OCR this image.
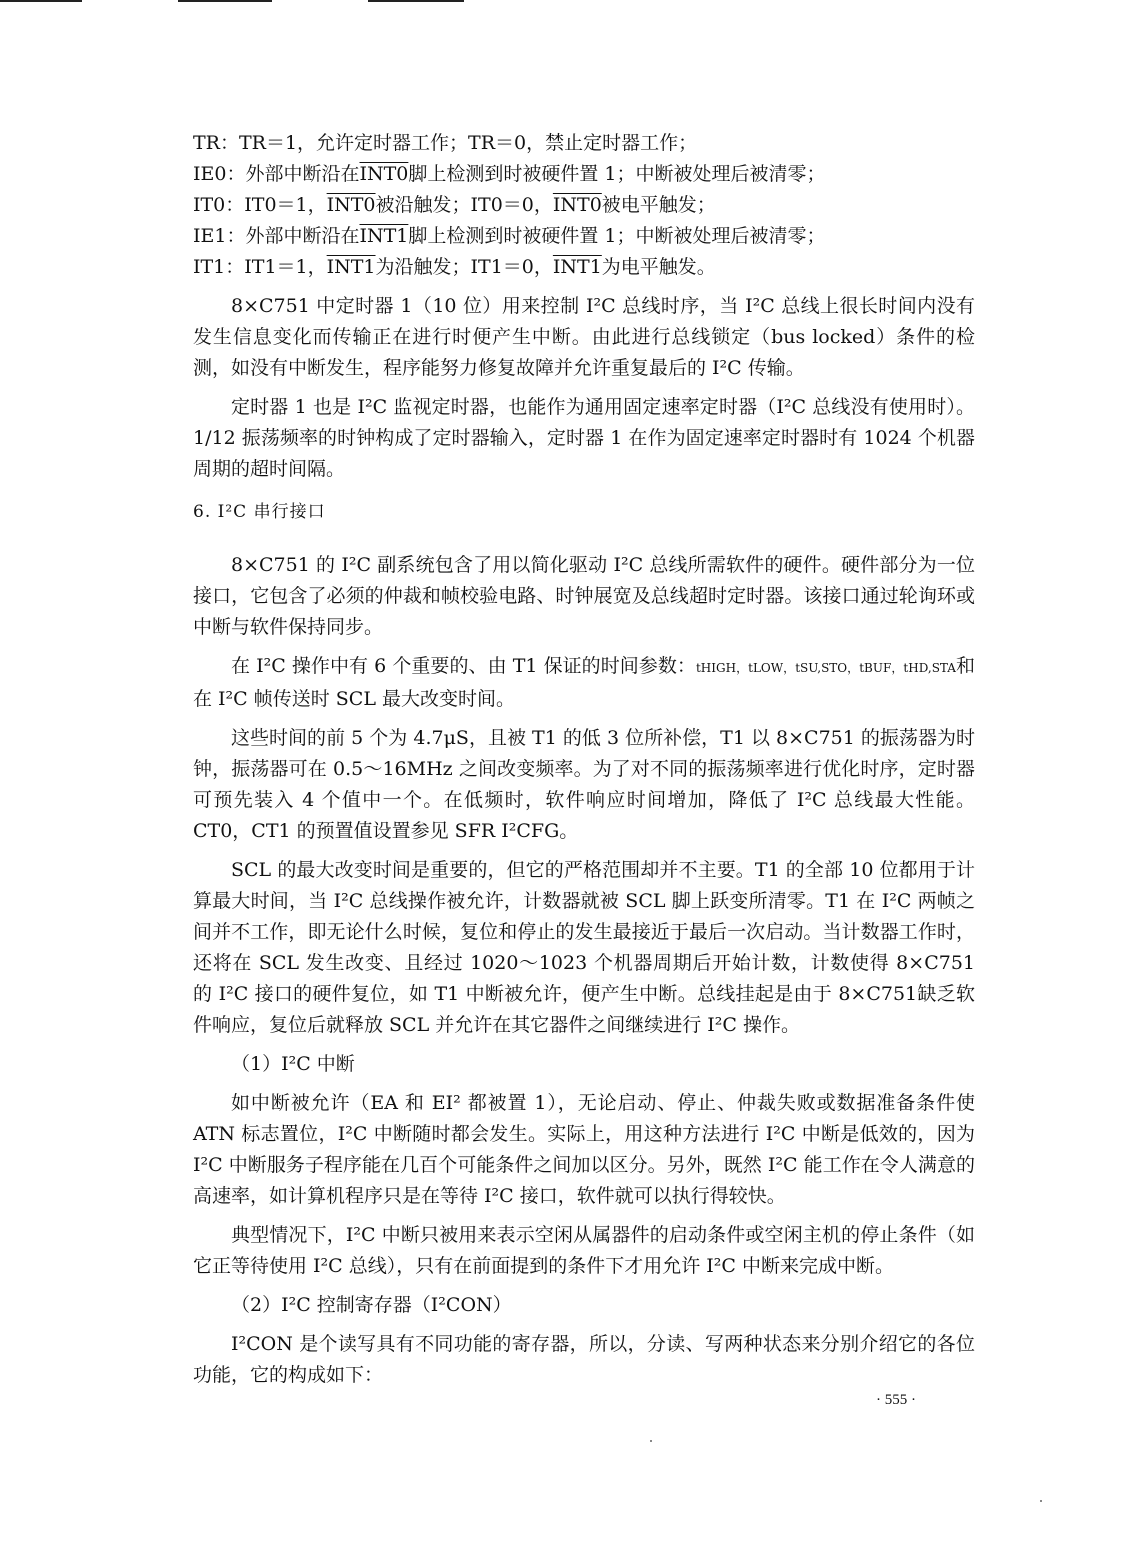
TR：TR＝1，允许定时器工作；TR＝0，禁止定时器工作；
IE0：外部中断沿在INT0脚上检测到时被硬件置 1；中断被处理后被清零；
IT0：IT0＝1，INT0被沿触发；IT0＝0，INT0被电平触发；
IE1：外部中断沿在INT1脚上检测到时被硬件置 1；中断被处理后被清零；
IT1：IT1＝1，INT1为沿触发；IT1＝0，INT1为电平触发。

8×C751 中定时器 1（10 位）用来控制 I²C 总线时序，当 I²C 总线上很长时间内没有发生信息变化而传输正在进行时便产生中断。由此进行总线锁定（bus locked）条件的检测，如没有中断发生，程序能努力修复故障并允许重复最后的 I²C 传输。

定时器 1 也是 I²C 监视定时器，也能作为通用固定速率定时器（I²C 总线没有使用时）。1/12 振荡频率的时钟构成了定时器输入，定时器 1 在作为固定速率定时器时有 1024 个机器周期的超时间隔。

6. I²C 串行接口

8×C751 的 I²C 副系统包含了用以简化驱动 I²C 总线所需软件的硬件。硬件部分为一位接口，它包含了必须的仲裁和帧校验电路、时钟展宽及总线超时定时器。该接口通过轮询环或中断与软件保持同步。

在 I²C 操作中有 6 个重要的、由 T1 保证的时间参数：tHIGH，tLOW，tSU,STO，tBUF，tHD,STA和在 I²C 帧传送时 SCL 最大改变时间。

这些时间的前 5 个为 4.7μS，且被 T1 的低 3 位所补偿，T1 以 8×C751 的振荡器为时钟，振荡器可在 0.5～16MHz 之间改变频率。为了对不同的振荡频率进行优化时序，定时器可预先装入 4 个值中一个。在低频时，软件响应时间增加，降低了 I²C 总线最大性能。CT0，CT1 的预置值设置参见 SFR I²CFG。

SCL 的最大改变时间是重要的，但它的严格范围却并不主要。T1 的全部 10 位都用于计算最大时间，当 I²C 总线操作被允许，计数器就被 SCL 脚上跃变所清零。T1 在 I²C 两帧之间并不工作，即无论什么时候，复位和停止的发生最接近于最后一次启动。当计数器工作时，还将在 SCL 发生改变、且经过 1020～1023 个机器周期后开始计数，计数使得 8×C751 的 I²C 接口的硬件复位，如 T1 中断被允许，便产生中断。总线挂起是由于 8×C751缺乏软件响应，复位后就释放 SCL 并允许在其它器件之间继续进行 I²C 操作。

（1）I²C 中断

如中断被允许（EA 和 EI² 都被置 1），无论启动、停止、仲裁失败或数据准备条件使 ATN 标志置位，I²C 中断随时都会发生。实际上，用这种方法进行 I²C 中断是低效的，因为 I²C 中断服务子程序能在几百个可能条件之间加以区分。另外，既然 I²C 能工作在令人满意的高速率，如计算机程序只是在等待 I²C 接口，软件就可以执行得较快。

典型情况下，I²C 中断只被用来表示空闲从属器件的启动条件或空闲主机的停止条件（如它正等待使用 I²C 总线），只有在前面提到的条件下才用允许 I²C 中断来完成中断。

（2）I²C 控制寄存器（I²CON）

I²CON 是个读写具有不同功能的寄存器，所以，分读、写两种状态来分别介绍它的各位功能，它的构成如下：

· 555 ·
